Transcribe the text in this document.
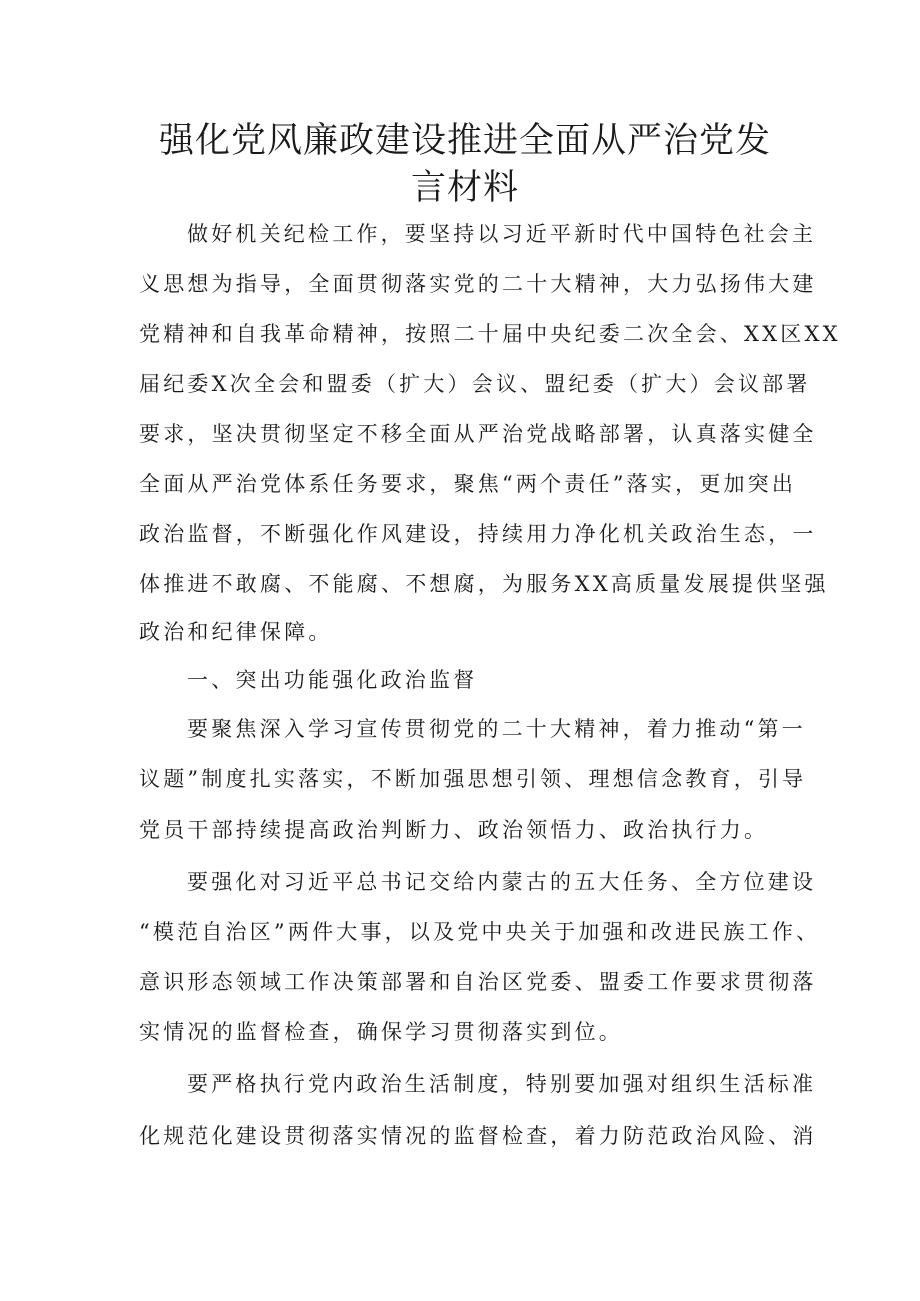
强化党风廉政建设推进全面从严治党发
言材料

做好机关纪检工作，要坚持以习近平新时代中国特色社会主

义思想为指导，全面贯彻落实党的二十大精神，大力弘扬伟大建

党精神和自我革命精神，按照二十届中央纪委二次全会、XX区XX

届纪委X次全会和盟委（扩大）会议、盟纪委（扩大）会议部署

要求，坚决贯彻坚定不移全面从严治党战略部署，认真落实健全

全面从严治党体系任务要求，聚焦“两个责任”落实，更加突出

政治监督，不断强化作风建设，持续用力净化机关政治生态，一

体推进不敢腐、不能腐、不想腐，为服务XX高质量发展提供坚强

政治和纪律保障。

一、突出功能强化政治监督

要聚焦深入学习宣传贯彻党的二十大精神，着力推动“第一

议题”制度扎实落实，不断加强思想引领、理想信念教育，引导

党员干部持续提高政治判断力、政治领悟力、政治执行力。

要强化对习近平总书记交给内蒙古的五大任务、全方位建设

“模范自治区”两件大事，以及党中央关于加强和改进民族工作、

意识形态领域工作决策部署和自治区党委、盟委工作要求贯彻落

实情况的监督检查，确保学习贯彻落实到位。

要严格执行党内政治生活制度，特别要加强对组织生活标准

化规范化建设贯彻落实情况的监督检查，着力防范政治风险、消
